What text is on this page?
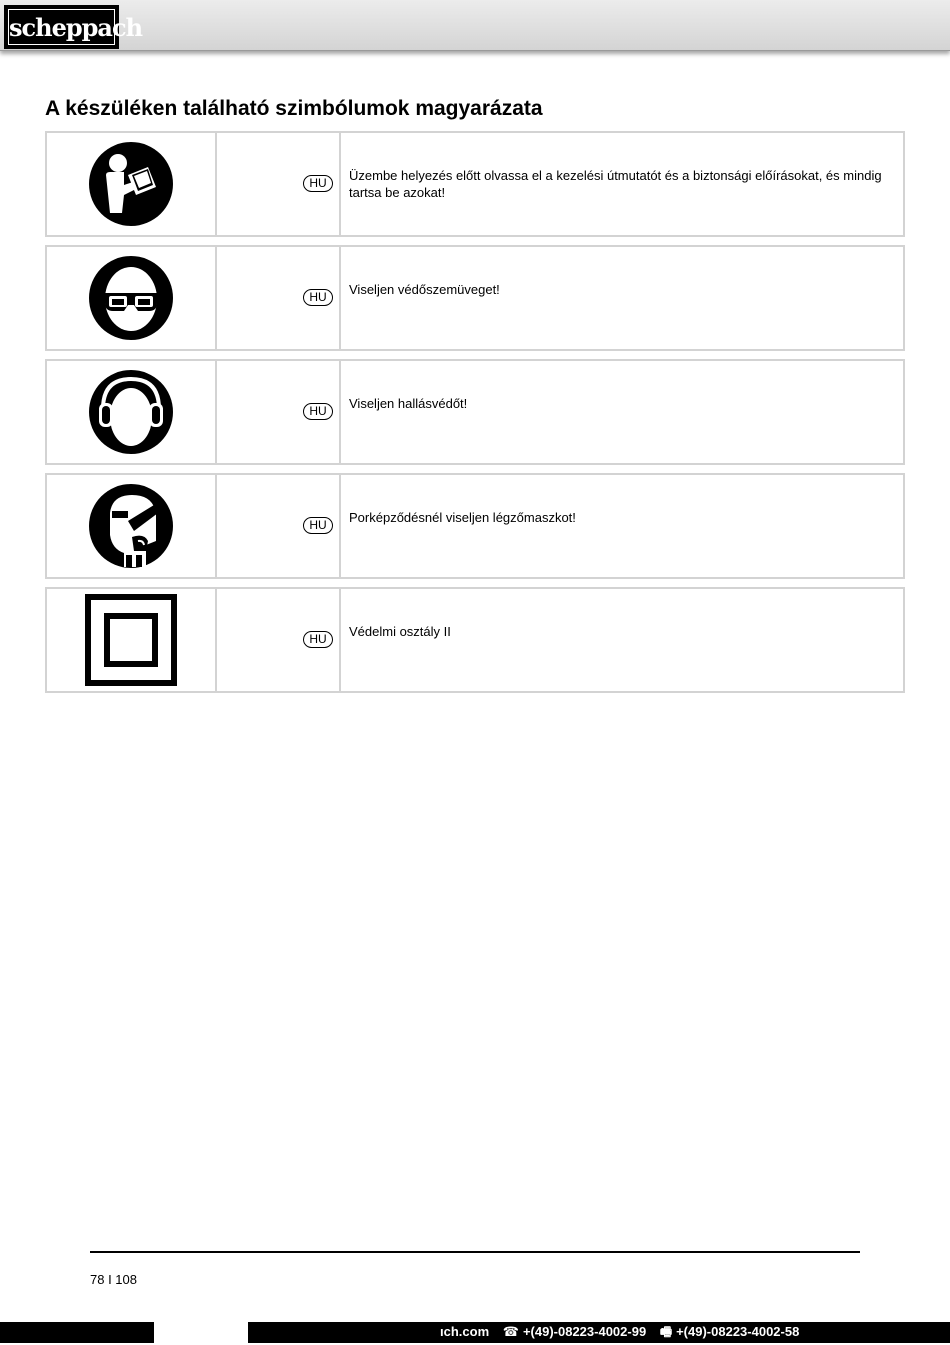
scheppach
A készüléken található szimbólumok magyarázata
HU	Üzembe helyezés előtt olvassa el a kezelési útmutatót és a biztonsági előírásokat, és mindig tartsa be azokat!
HU	Viseljen védőszemüveget!
HU	Viseljen hallásvédőt!
HU	Porképződésnél viseljen légzőmaszkot!
HU	Védelmi osztály II
78 I 108
ıch.com ☎ +(49)-08223-4002-99 🖷 +(49)-08223-4002-58
